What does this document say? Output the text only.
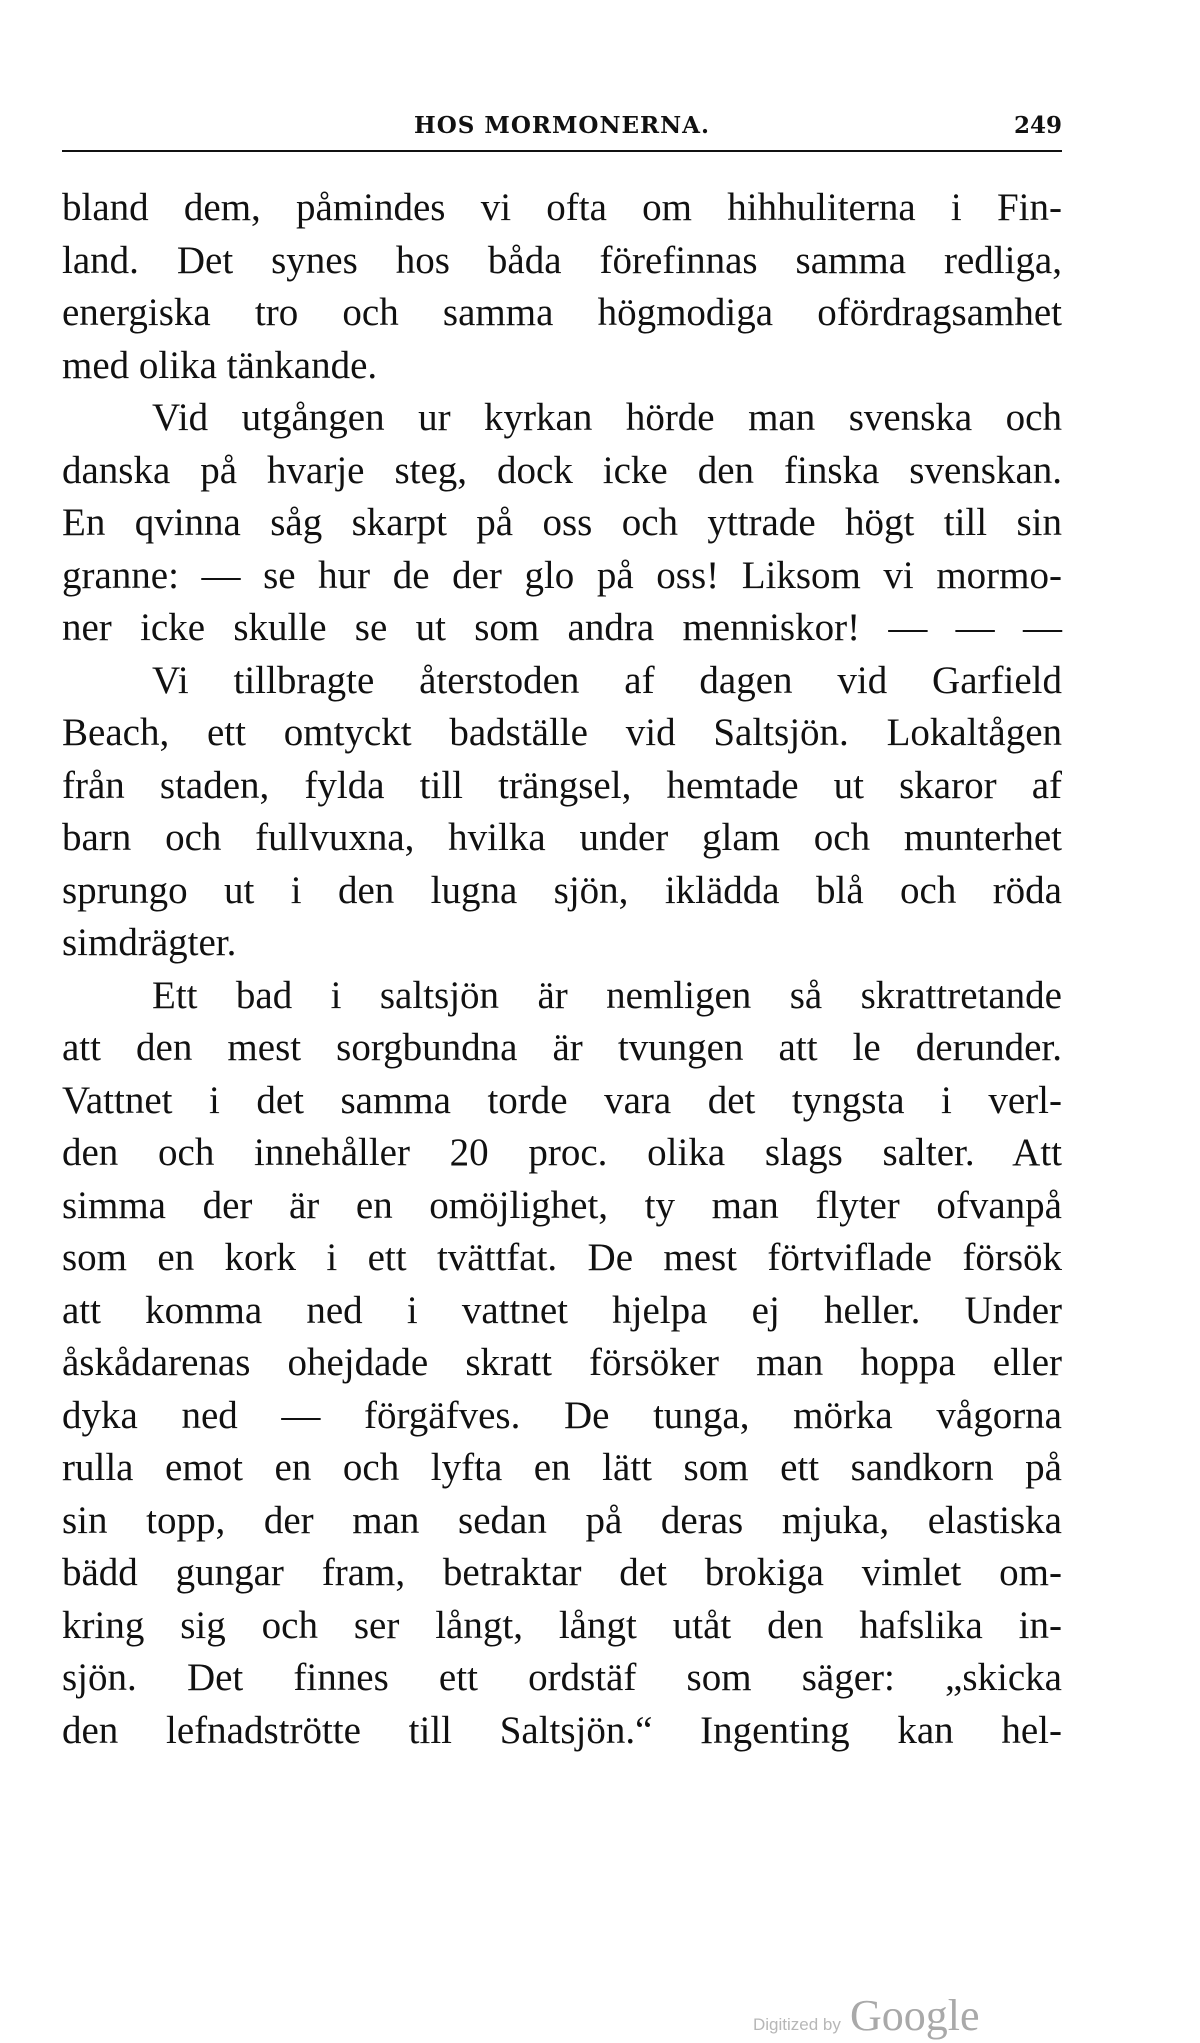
HOS MORMONERNA.	249
bland dem, påmindes vi ofta om hihhuliterna i Fin-
land. Det synes hos båda förefinnas samma redliga,
energiska tro och samma högmodiga ofördragsamhet
med olika tänkande.
Vid utgången ur kyrkan hörde man svenska och
danska på hvarje steg, dock icke den finska svenskan.
En qvinna såg skarpt på oss och yttrade högt till sin
granne: — se hur de der glo på oss! Liksom vi mormo-
ner icke skulle se ut som andra menniskor! — — —
Vi tillbragte återstoden af dagen vid Garfield
Beach, ett omtyckt badställe vid Saltsjön. Lokaltågen
från staden, fylda till trängsel, hemtade ut skaror af
barn och fullvuxna, hvilka under glam och munterhet
sprungo ut i den lugna sjön, iklädda blå och röda
simdrägter.
Ett bad i saltsjön är nemligen så skrattretande
att den mest sorgbundna är tvungen att le derunder.
Vattnet i det samma torde vara det tyngsta i verl-
den och innehåller 20 proc. olika slags salter. Att
simma der är en omöjlighet, ty man flyter ofvanpå
som en kork i ett tvättfat. De mest förtviflade försök
att komma ned i vattnet hjelpa ej heller. Under
åskådarenas ohejdade skratt försöker man hoppa eller
dyka ned — förgäfves. De tunga, mörka vågorna
rulla emot en och lyfta en lätt som ett sandkorn på
sin topp, der man sedan på deras mjuka, elastiska
bädd gungar fram, betraktar det brokiga vimlet om-
kring sig och ser långt, långt utåt den hafslika in-
sjön. Det finnes ett ordstäf som säger: „skicka
den lefnadströtte till Saltsjön.“ Ingenting kan hel-
Digitized by Google
